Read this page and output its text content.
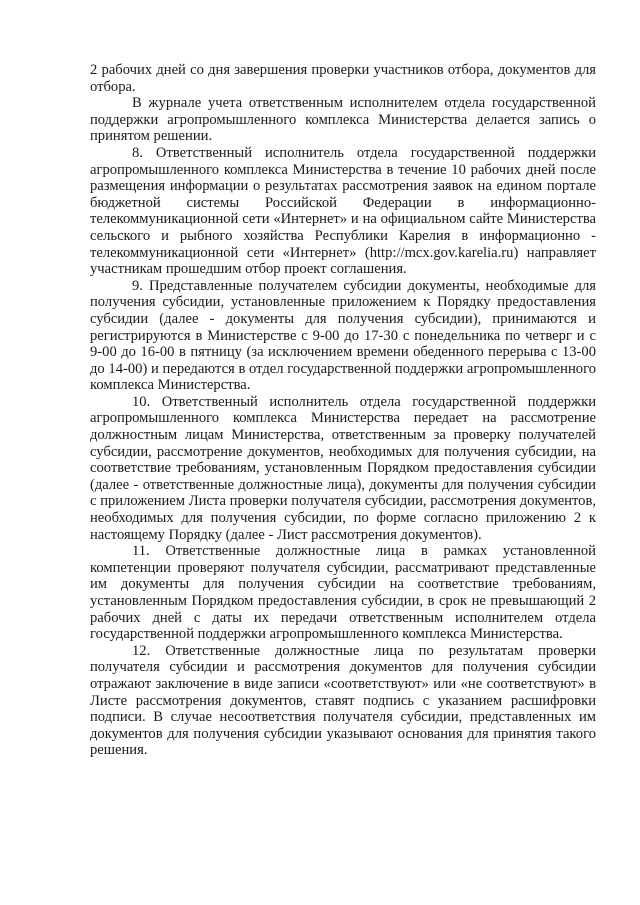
2 рабочих дней со дня завершения проверки участников отбора, документов для отбора.

В журнале учета ответственным исполнителем отдела государственной поддержки агропромышленного комплекса Министерства делается запись о принятом решении.

8. Ответственный исполнитель отдела государственной поддержки агропромышленного комплекса Министерства в течение 10 рабочих дней после размещения информации о результатах рассмотрения заявок на едином портале бюджетной системы Российской Федерации в информационно-телекоммуникационной сети «Интернет» и на официальном сайте Министерства сельского и рыбного хозяйства Республики Карелия в информационно - телекоммуникационной сети «Интернет» (http://mcx.gov.karelia.ru) направляет участникам прошедшим отбор проект соглашения.

9. Представленные получателем субсидии документы, необходимые для получения субсидии, установленные приложением к Порядку предоставления субсидии (далее - документы для получения субсидии), принимаются и регистрируются в Министерстве с 9-00 до 17-30 с понедельника по четверг и с 9-00 до 16-00 в пятницу (за исключением времени обеденного перерыва с 13-00 до 14-00) и передаются в отдел государственной поддержки агропромышленного комплекса Министерства.

10. Ответственный исполнитель отдела государственной поддержки агропромышленного комплекса Министерства передает на рассмотрение должностным лицам Министерства, ответственным за проверку получателей субсидии, рассмотрение документов, необходимых для получения субсидии, на соответствие требованиям, установленным Порядком предоставления субсидии (далее - ответственные должностные лица), документы для получения субсидии с приложением Листа проверки получателя субсидии, рассмотрения документов, необходимых для получения субсидии, по форме согласно приложению 2 к настоящему Порядку (далее - Лист рассмотрения документов).

11. Ответственные должностные лица в рамках установленной компетенции проверяют получателя субсидии, рассматривают представленные им документы для получения субсидии на соответствие требованиям, установленным Порядком предоставления субсидии, в срок не превышающий 2 рабочих дней с даты их передачи ответственным исполнителем отдела государственной поддержки агропромышленного комплекса Министерства.

12. Ответственные должностные лица по результатам проверки получателя субсидии и рассмотрения документов для получения субсидии отражают заключение в виде записи «соответствуют» или «не соответствуют» в Листе рассмотрения документов, ставят подпись с указанием расшифровки подписи. В случае несоответствия получателя субсидии, представленных им документов для получения субсидии указывают основания для принятия такого решения.
